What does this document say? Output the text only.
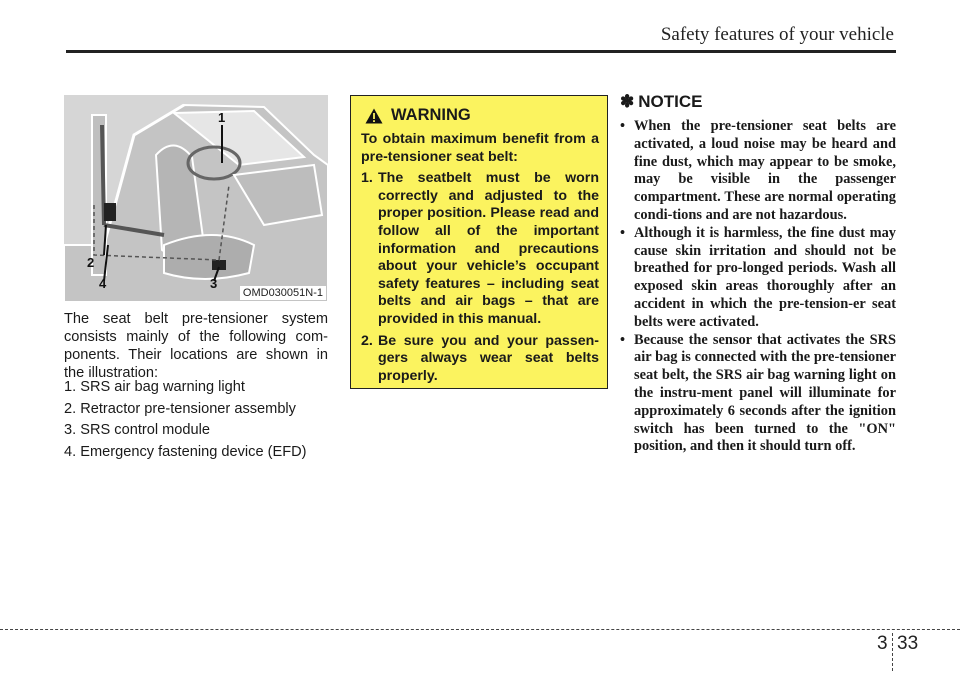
Safety features of your vehicle
1
2
3
4
OMD030051N-1
The seat belt pre-tensioner system consists mainly of the following com-ponents. Their locations are shown in the illustration:
1. SRS air bag warning light
2. Retractor pre-tensioner assembly
3. SRS control module
4. Emergency fastening device (EFD)
WARNING

To obtain maximum benefit from a pre-tensioner seat belt:

1. The seatbelt must be worn correctly and adjusted to the proper position. Please read and follow all of the important information and precautions about your vehicle’s occupant safety features – including seat belts and air bags – that are provided in this manual.
2. Be sure you and your passen-gers always wear seat belts properly.
✽ NOTICE
• When the pre-tensioner seat belts are activated, a loud noise may be heard and fine dust, which may appear to be smoke, may be visible in the passenger compartment. These are normal operating condi-tions and are not hazardous.
• Although it is harmless, the fine dust may cause skin irritation and should not be breathed for pro-longed periods. Wash all exposed skin areas thoroughly after an accident in which the pre-tension-er seat belts were activated.
• Because the sensor that activates the SRS air bag is connected with the pre-tensioner seat belt, the SRS air bag warning light on the instru-ment panel will illuminate for approximately 6 seconds after the ignition switch has been turned to the "ON" position, and then it should turn off.
3 33
